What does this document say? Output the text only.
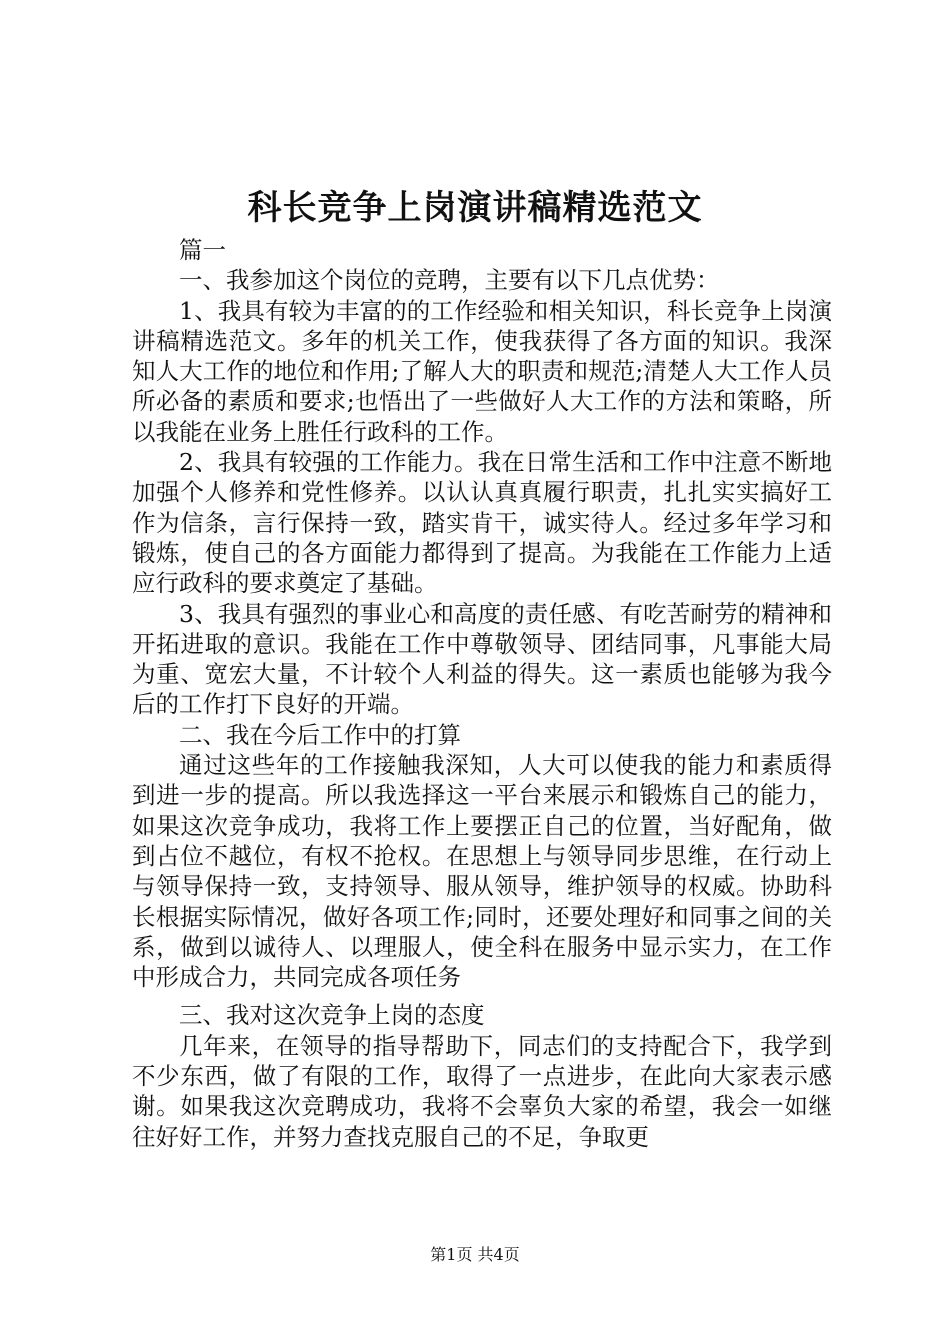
科长竞争上岗演讲稿精选范文

篇一

一、我参加这个岗位的竞聘，主要有以下几点优势：

1、我具有较为丰富的的工作经验和相关知识，科长竞争上岗演讲稿精选范文。多年的机关工作，使我获得了各方面的知识。我深知人大工作的地位和作用;了解人大的职责和规范;清楚人大工作人员所必备的素质和要求;也悟出了一些做好人大工作的方法和策略，所以我能在业务上胜任行政科的工作。

2、我具有较强的工作能力。我在日常生活和工作中注意不断地加强个人修养和党性修养。以认认真真履行职责，扎扎实实搞好工作为信条，言行保持一致，踏实肯干，诚实待人。经过多年学习和锻炼，使自己的各方面能力都得到了提高。为我能在工作能力上适应行政科的要求奠定了基础。

3、我具有强烈的事业心和高度的责任感、有吃苦耐劳的精神和开拓进取的意识。我能在工作中尊敬领导、团结同事，凡事能大局为重、宽宏大量，不计较个人利益的得失。这一素质也能够为我今后的工作打下良好的开端。

二、我在今后工作中的打算

通过这些年的工作接触我深知，人大可以使我的能力和素质得到进一步的提高。所以我选择这一平台来展示和锻炼自己的能力，如果这次竞争成功，我将工作上要摆正自己的位置，当好配角，做到占位不越位，有权不抢权。在思想上与领导同步思维，在行动上与领导保持一致，支持领导、服从领导，维护领导的权威。协助科长根据实际情况，做好各项工作;同时，还要处理好和同事之间的关系，做到以诚待人、以理服人，使全科在服务中显示实力，在工作中形成合力，共同完成各项任务

三、我对这次竞争上岗的态度

几年来，在领导的指导帮助下，同志们的支持配合下，我学到不少东西，做了有限的工作，取得了一点进步，在此向大家表示感谢。如果我这次竞聘成功，我将不会辜负大家的希望，我会一如继往好好工作，并努力查找克服自己的不足，争取更

第1页 共4页
